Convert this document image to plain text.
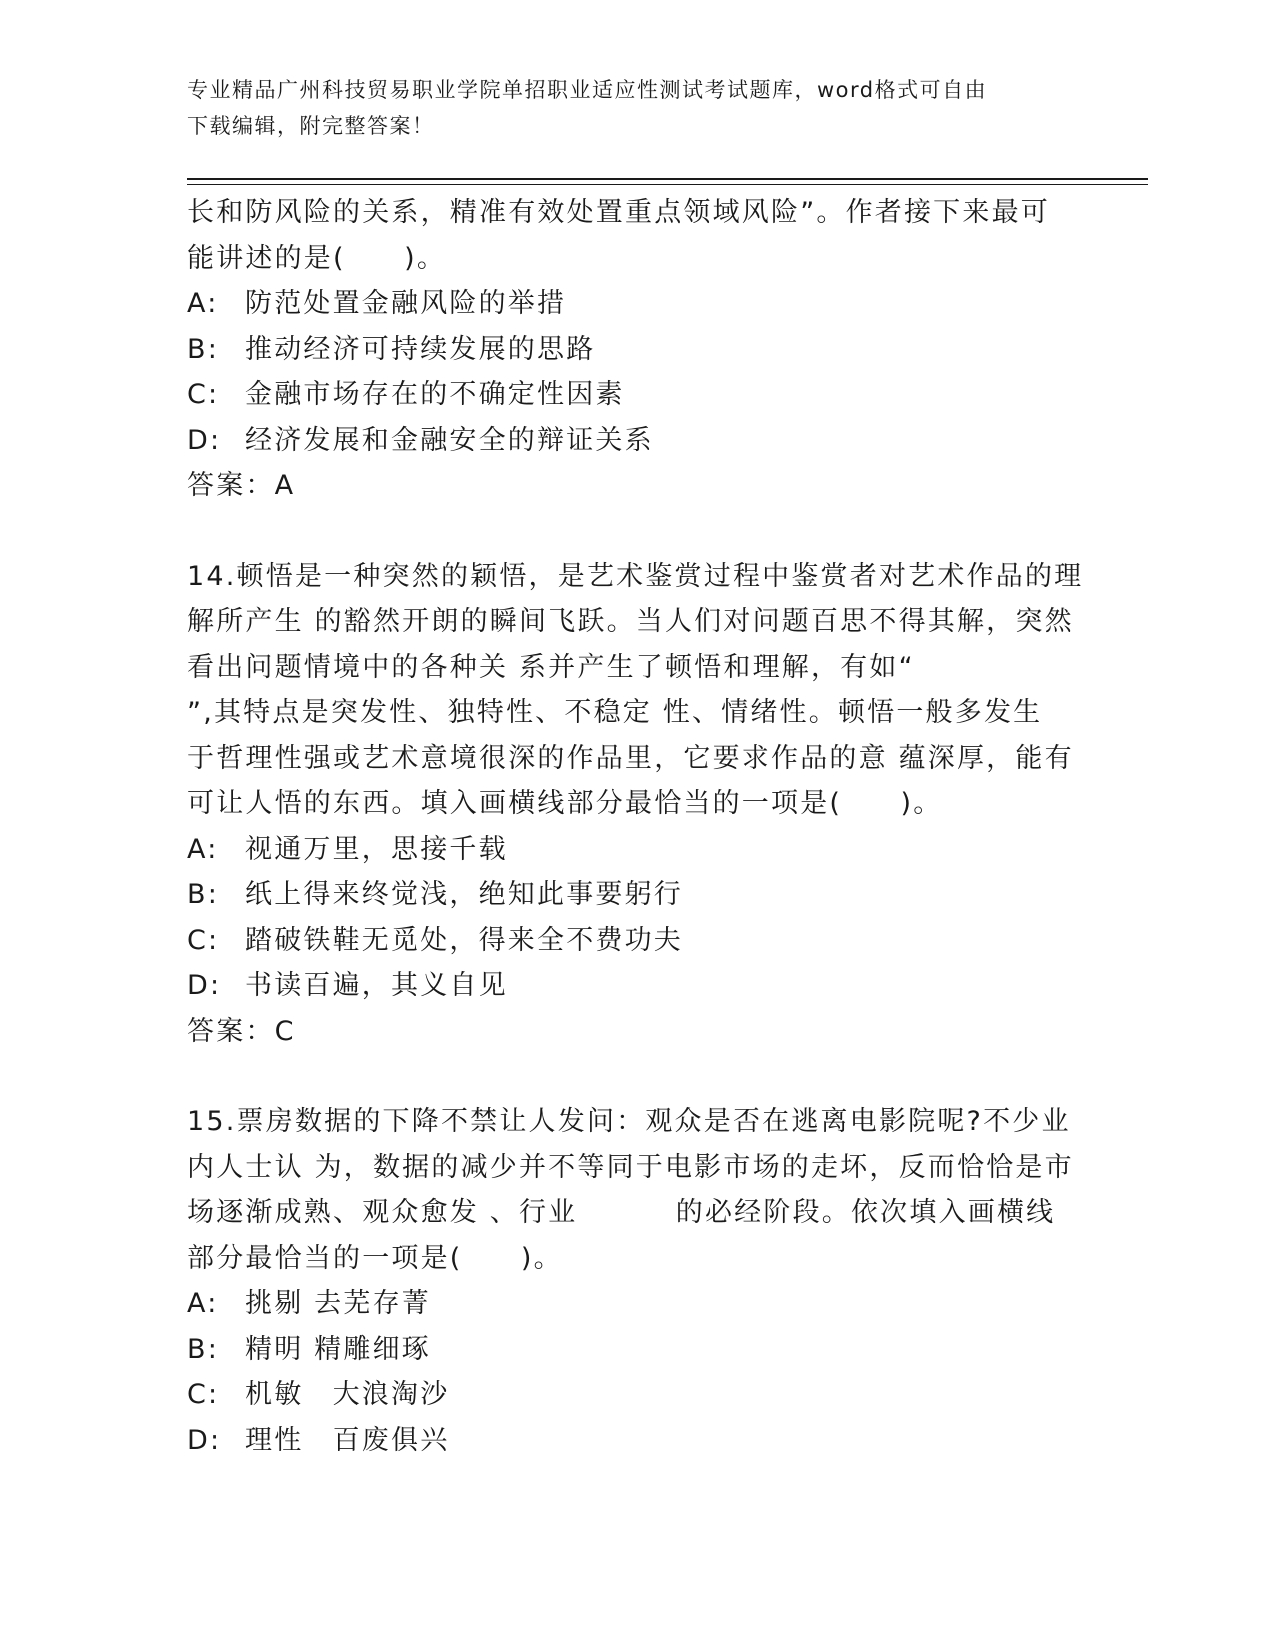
专业精品广州科技贸易职业学院单招职业适应性测试考试题库，word格式可自由
下载编辑，附完整答案！
长和防风险的关系，精准有效处置重点领域风险”。作者接下来最可
能讲述的是(　　)。
A: 防范处置金融风险的举措
B: 推动经济可持续发展的思路
C: 金融市场存在的不确定性因素
D: 经济发展和金融安全的辩证关系
答案：A
14.顿悟是一种突然的颖悟，是艺术鉴赏过程中鉴赏者对艺术作品的理
解所产生 的豁然开朗的瞬间飞跃。当人们对问题百思不得其解，突然
看出问题情境中的各种关 系并产生了顿悟和理解，有如“
”,其特点是突发性、独特性、不稳定 性、情绪性。顿悟一般多发生
于哲理性强或艺术意境很深的作品里，它要求作品的意 蕴深厚，能有
可让人悟的东西。填入画横线部分最恰当的一项是(　　)。
A: 视通万里，思接千载
B: 纸上得来终觉浅，绝知此事要躬行
C: 踏破铁鞋无觅处，得来全不费功夫
D: 书读百遍，其义自见
答案：C
15.票房数据的下降不禁让人发问：观众是否在逃离电影院呢?不少业
内人士认 为，数据的减少并不等同于电影市场的走坏，反而恰恰是市
场逐渐成熟、观众愈发 、行业　　　 的必经阶段。依次填入画横线
部分最恰当的一项是(　　)。
A: 挑剔 去芜存菁
B: 精明 精雕细琢
C: 机敏　大浪淘沙
D: 理性　百废俱兴
